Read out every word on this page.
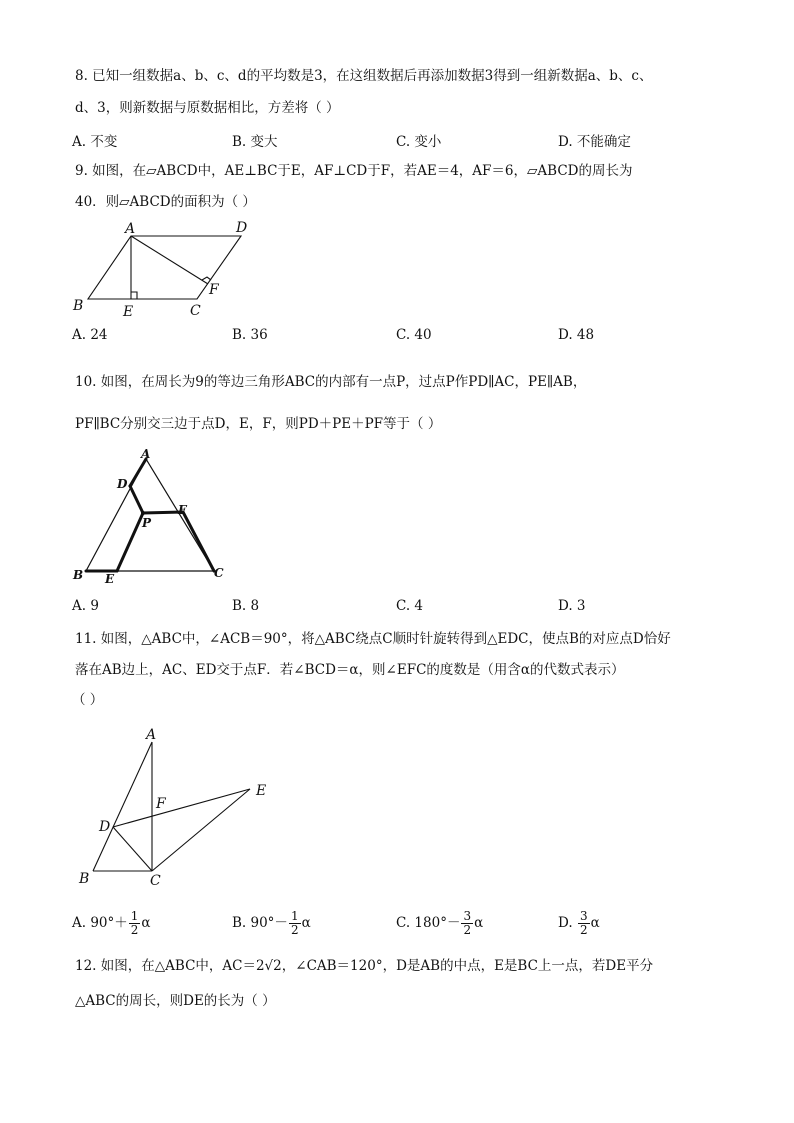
8. 已知一组数据a、b、c、d的平均数是3，在这组数据后再添加数据3得到一组新数据a、b、c、
d、3，则新数据与原数据相比，方差将（ ）
A. 不变	B. 变大	C. 变小	D. 不能确定
9. 如图，在▱ABCD中，AE⊥BC于E，AF⊥CD于F，若AE＝4，AF＝6，▱ABCD的周长为
40．则▱ABCD的面积为（ ）
A	D
B	E	C
F
A. 24	B. 36	C. 40	D. 48
10. 如图，在周长为9的等边三角形ABC的内部有一点P，过点P作PD∥AC，PE∥AB，
PF∥BC分别交三边于点D，E，F，则PD＋PE＋PF等于（ ）
A
D
F
P
B E	C
A. 9	B. 8	C. 4	D. 3
11. 如图，△ABC中，∠ACB＝90°，将△ABC绕点C顺时针旋转得到△EDC，使点B的对应点D恰好
落在AB边上，AC、ED交于点F．若∠BCD＝α，则∠EFC的度数是（用含α的代数式表示）
（ ）
A
E
F
D
B	C
A. $90^\circ+ \frac{1}{2}$ α	B. $90^\circ- \frac{1}{2}$ α	C. $180^\circ- \frac{3}{2}$ α	D. $\frac{3}{2}$ α
12. 如图，在△ABC中，AC＝2√2，∠CAB＝120°，D是AB的中点，E是BC上一点，若DE平分
△ABC的周长，则DE的长为（ ）
